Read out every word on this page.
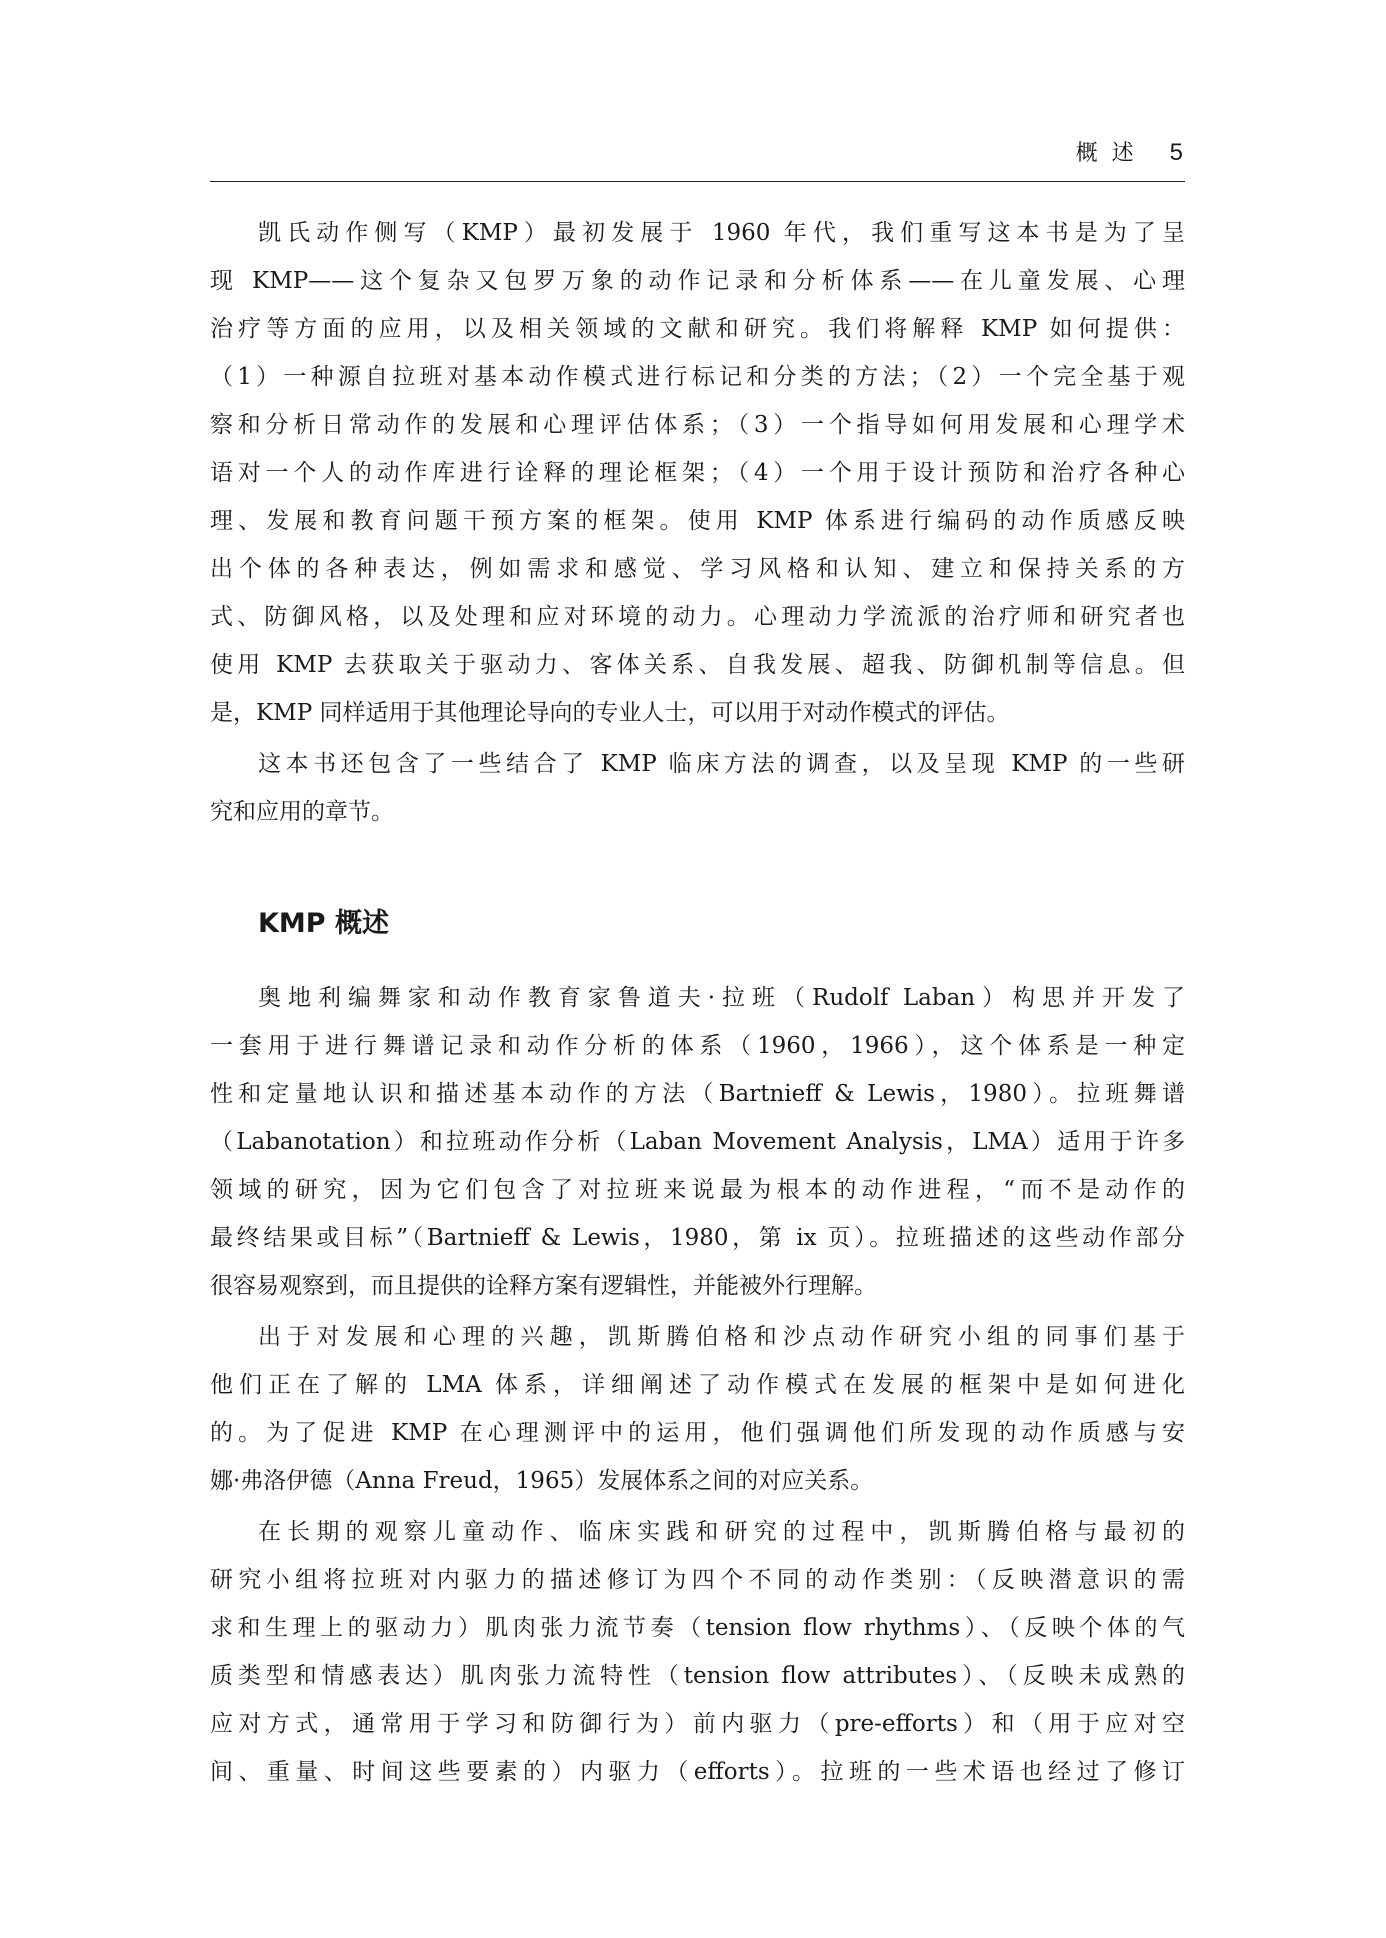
概述 5
凯氏动作侧写（KMP）最初发展于 1960 年代，我们重写这本书是为了呈
现 KMP——这个复杂又包罗万象的动作记录和分析体系——在儿童发展、心理
治疗等方面的应用，以及相关领域的文献和研究。我们将解释 KMP 如何提供：
（1）一种源自拉班对基本动作模式进行标记和分类的方法；（2）一个完全基于观
察和分析日常动作的发展和心理评估体系；（3）一个指导如何用发展和心理学术
语对一个人的动作库进行诠释的理论框架；（4）一个用于设计预防和治疗各种心
理、发展和教育问题干预方案的框架。使用 KMP 体系进行编码的动作质感反映
出个体的各种表达，例如需求和感觉、学习风格和认知、建立和保持关系的方
式、防御风格，以及处理和应对环境的动力。心理动力学流派的治疗师和研究者也
使用 KMP 去获取关于驱动力、客体关系、自我发展、超我、防御机制等信息。但
是，KMP 同样适用于其他理论导向的专业人士，可以用于对动作模式的评估。
这本书还包含了一些结合了 KMP 临床方法的调查，以及呈现 KMP 的一些研
究和应用的章节。
KMP 概述
奥地利编舞家和动作教育家鲁道夫·拉班（Rudolf Laban）构思并开发了
一套用于进行舞谱记录和动作分析的体系（1960，1966），这个体系是一种定
性和定量地认识和描述基本动作的方法（Bartnieff & Lewis，1980）。拉班舞谱
（Labanotation）和拉班动作分析（Laban Movement Analysis，LMA）适用于许多
领域的研究，因为它们包含了对拉班来说最为根本的动作进程，“而不是动作的
最终结果或目标”（Bartnieff & Lewis，1980，第 ix 页）。拉班描述的这些动作部分
很容易观察到，而且提供的诠释方案有逻辑性，并能被外行理解。
出于对发展和心理的兴趣，凯斯腾伯格和沙点动作研究小组的同事们基于
他们正在了解的 LMA 体系，详细阐述了动作模式在发展的框架中是如何进化
的。为了促进 KMP 在心理测评中的运用，他们强调他们所发现的动作质感与安
娜·弗洛伊德（Anna Freud，1965）发展体系之间的对应关系。
在长期的观察儿童动作、临床实践和研究的过程中，凯斯腾伯格与最初的
研究小组将拉班对内驱力的描述修订为四个不同的动作类别：（反映潜意识的需
求和生理上的驱动力）肌肉张力流节奏（tension flow rhythms）、（反映个体的气
质类型和情感表达）肌肉张力流特性（tension flow attributes）、（反映未成熟的
应对方式，通常用于学习和防御行为）前内驱力（pre-efforts）和（用于应对空
间、重量、时间这些要素的）内驱力（efforts）。拉班的一些术语也经过了修订
